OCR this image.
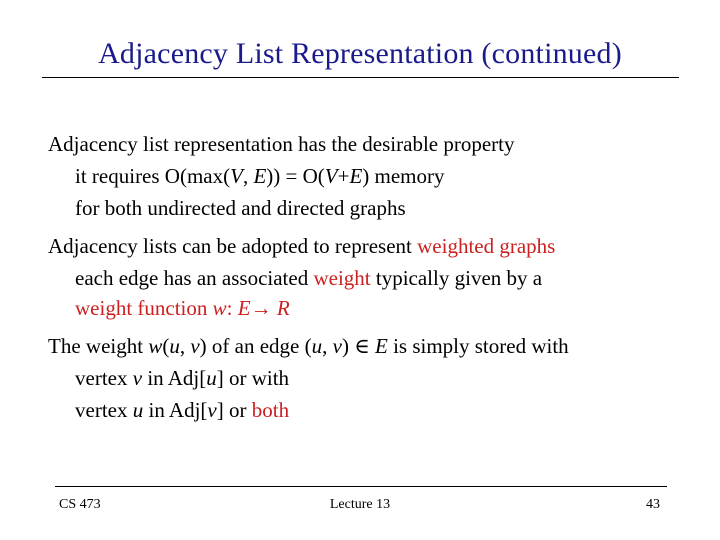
Adjacency List Representation (continued)
Adjacency list representation has the desirable property
it requires O(max(V, E)) = O(V+E) memory
for both undirected and directed graphs
Adjacency lists can be adopted to represent weighted graphs
each edge has an associated weight typically given by a
weight function w: E→ R
The weight w(u, v) of an edge (u, v) ∈ E is simply stored with
vertex v in Adj[u] or with
vertex u in Adj[v] or both
CS 473	Lecture 13	43
